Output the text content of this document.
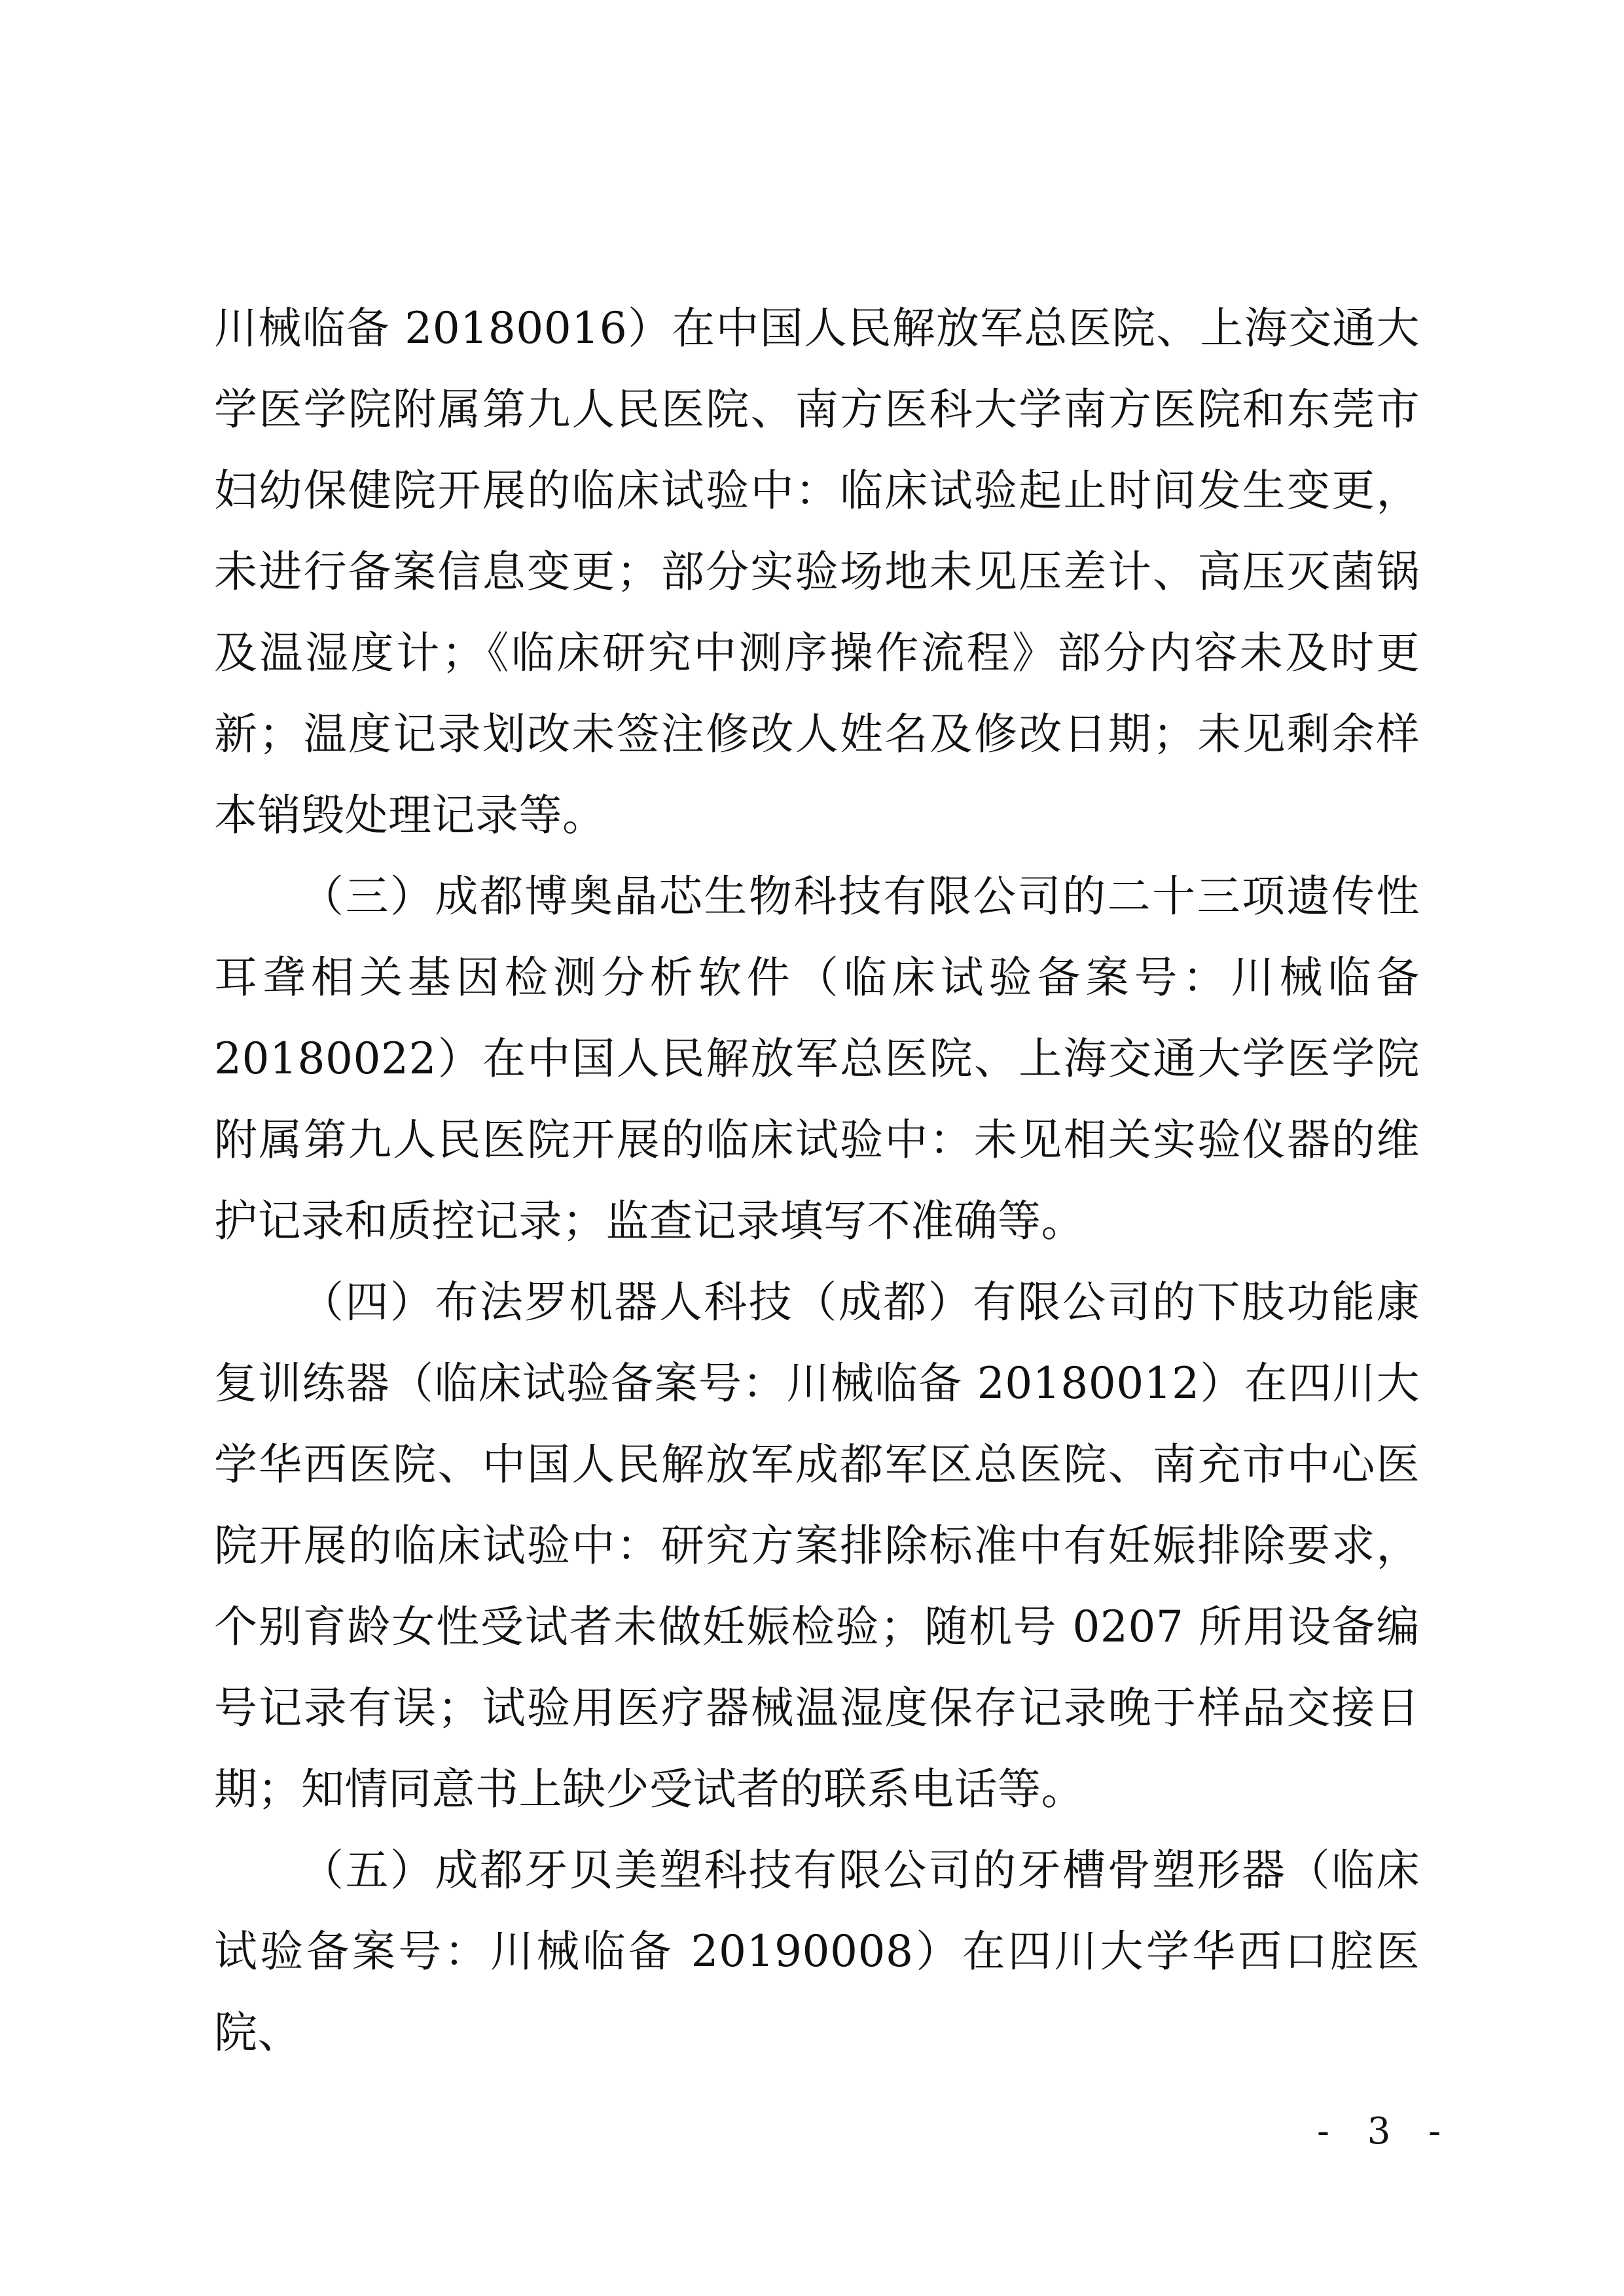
川械临备 20180016）在中国人民解放军总医院、上海交通大学医学院附属第九人民医院、南方医科大学南方医院和东莞市妇幼保健院开展的临床试验中：临床试验起止时间发生变更，未进行备案信息变更；部分实验场地未见压差计、高压灭菌锅及温湿度计；《临床研究中测序操作流程》部分内容未及时更新；温度记录划改未签注修改人姓名及修改日期；未见剩余样本销毁处理记录等。

（三）成都博奥晶芯生物科技有限公司的二十三项遗传性耳聋相关基因检测分析软件（临床试验备案号：川械临备 20180022）在中国人民解放军总医院、上海交通大学医学院附属第九人民医院开展的临床试验中：未见相关实验仪器的维护记录和质控记录；监查记录填写不准确等。

（四）布法罗机器人科技（成都）有限公司的下肢功能康复训练器（临床试验备案号：川械临备 20180012）在四川大学华西医院、中国人民解放军成都军区总医院、南充市中心医院开展的临床试验中：研究方案排除标准中有妊娠排除要求，个别育龄女性受试者未做妊娠检验；随机号 0207 所用设备编号记录有误；试验用医疗器械温湿度保存记录晚于样品交接日期；知情同意书上缺少受试者的联系电话等。

（五）成都牙贝美塑科技有限公司的牙槽骨塑形器（临床试验备案号：川械临备 20190008）在四川大学华西口腔医院、

- 3 -
